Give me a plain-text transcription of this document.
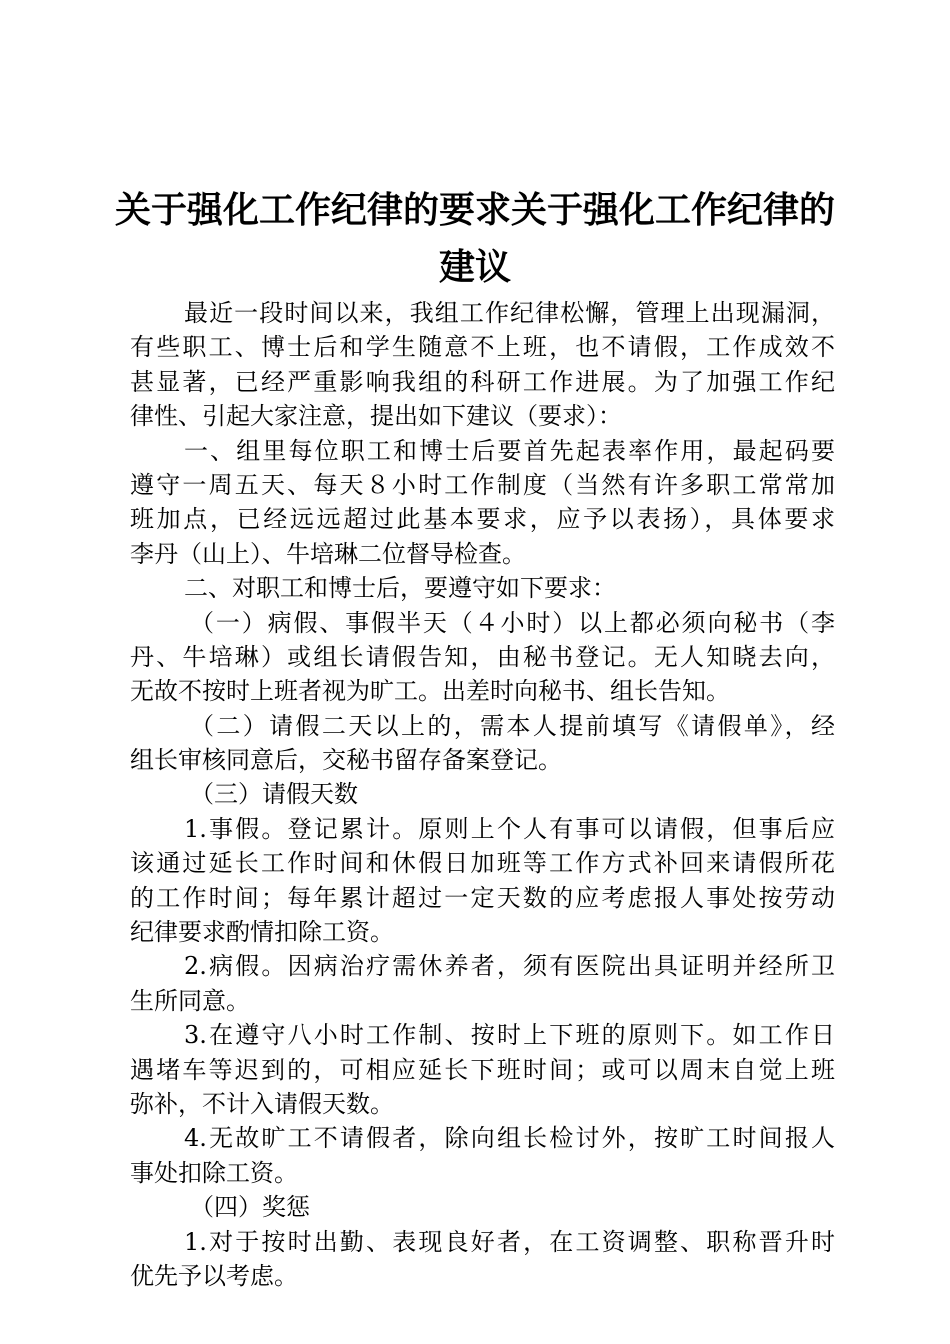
关于强化工作纪律的要求关于强化工作纪律的
建议
最近一段时间以来，我组工作纪律松懈，管理上出现漏洞，
有些职工、博士后和学生随意不上班，也不请假，工作成效不
甚显著，已经严重影响我组的科研工作进展。为了加强工作纪
律性、引起大家注意，提出如下建议（要求）：
一、组里每位职工和博士后要首先起表率作用，最起码要
遵守一周五天、每天８小时工作制度（当然有许多职工常常加
班加点，已经远远超过此基本要求，应予以表扬），具体要求
李丹（山上）、牛培琳二位督导检查。
二、对职工和博士后，要遵守如下要求：
（一）病假、事假半天（４小时）以上都必须向秘书（李
丹、牛培琳）或组长请假告知，由秘书登记。无人知晓去向，
无故不按时上班者视为旷工。出差时向秘书、组长告知。
（二）请假二天以上的，需本人提前填写《请假单》，经
组长审核同意后，交秘书留存备案登记。
（三）请假天数
1.事假。登记累计。原则上个人有事可以请假，但事后应
该通过延长工作时间和休假日加班等工作方式补回来请假所花
的工作时间；每年累计超过一定天数的应考虑报人事处按劳动
纪律要求酌情扣除工资。
2.病假。因病治疗需休养者，须有医院出具证明并经所卫
生所同意。
3.在遵守八小时工作制、按时上下班的原则下。如工作日
遇堵车等迟到的，可相应延长下班时间；或可以周末自觉上班
弥补，不计入请假天数。
4.无故旷工不请假者，除向组长检讨外，按旷工时间报人
事处扣除工资。
（四）奖惩
1.对于按时出勤、表现良好者，在工资调整、职称晋升时
优先予以考虑。
